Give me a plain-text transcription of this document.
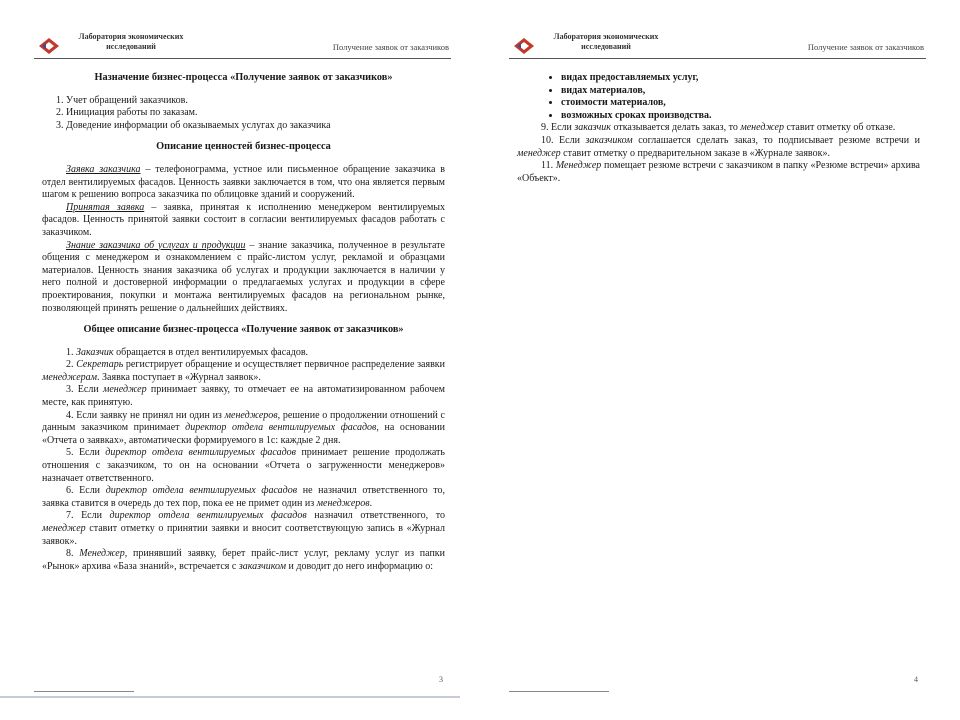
Лаборатория экономических исследований	Получение заявок от заказчиков
Назначение бизнес-процесса «Получение заявок от заказчиков»
1. Учет обращений заказчиков.
2. Инициация работы по заказам.
3. Доведение информации об оказываемых услугах до заказчика
Описание ценностей бизнес-процесса

Заявка заказчика – телефонограмма, устное или письменное обращение заказчика в отдел вентилируемых фасадов. Ценность заявки заключается в том, что она является первым шагом к решению вопроса заказчика по облицовке зданий и сооружений.

Принятая заявка – заявка, принятая к исполнению менеджером вентилируемых фасадов. Ценность принятой заявки состоит в согласии вентилируемых фасадов работать с заказчиком.

Знание заказчика об услугах и продукции – знание заказчика, полученное в результате общения с менеджером и ознакомлением с прайс-листом услуг, рекламой и образцами материалов. Ценность знания заказчика об услугах и продукции заключается в наличии у него полной и достоверной информации о предлагаемых услугах и продукции в сфере проектирования, покупки и монтажа вентилируемых фасадов на региональном рынке, позволяющей принять решение о дальнейших действиях.

Общее описание бизнес-процесса «Получение заявок от заказчиков»

1. Заказчик обращается в отдел вентилируемых фасадов.

2. Секретарь регистрирует обращение и осуществляет первичное распределение заявки менеджерам. Заявка поступает в «Журнал заявок».

3. Если менеджер принимает заявку, то отмечает ее на автоматизированном рабочем месте, как принятую.

4. Если заявку не принял ни один из менеджеров, решение о продолжении отношений с данным заказчиком принимает директор отдела вентилируемых фасадов, на основании «Отчета о заявках», автоматически формируемого в 1с: каждые 2 дня.

5. Если директор отдела вентилируемых фасадов принимает решение продолжать отношения с заказчиком, то он на основании «Отчета о загруженности менеджеров» назначает ответственного.

6. Если директор отдела вентилируемых фасадов не назначил ответственного то, заявка ставится в очередь до тех пор, пока ее не примет один из менеджеров.

7. Если директор отдела вентилируемых фасадов назначил ответственного, то менеджер ставит отметку о принятии заявки и вносит соответствующую запись в «Журнал заявок».

8. Менеджер, принявший заявку, берет прайс-лист услуг, рекламу услуг из папки «Рынок» архива «База знаний», встречается с заказчиком и доводит до него информацию о:

3
Лаборатория экономических исследований	Получение заявок от заказчиков
• видах предоставляемых услуг,
• видах материалов,
• стоимости материалов,
• возможных сроках производства.

9. Если заказчик отказывается делать заказ, то менеджер ставит отметку об отказе.

10. Если заказчиком соглашается сделать заказ, то подписывает резюме встречи и менеджер ставит отметку о предварительном заказе в «Журнале заявок».

11. Менеджер помещает резюме встречи с заказчиком в папку «Резюме встречи» архива «Объект».

4
